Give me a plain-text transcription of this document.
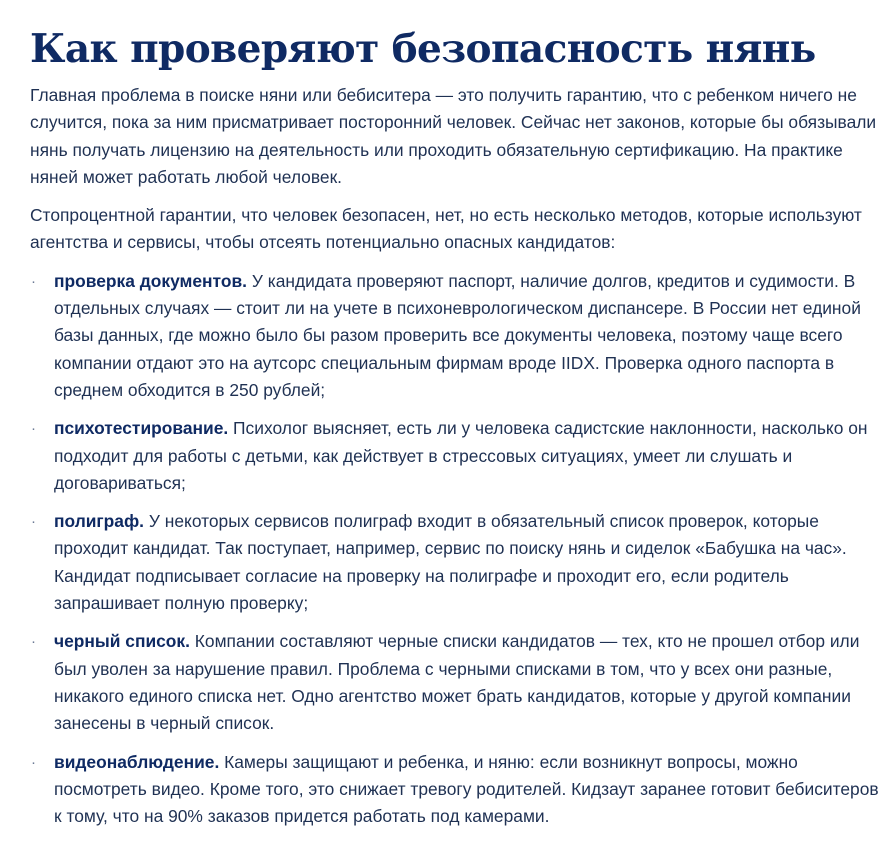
Как проверяют безопасность нянь

Главная проблема в поиске няни или бебиситера — это получить гарантию, что с ребенком ничего не случится, пока за ним присматривает посторонний человек. Сейчас нет законов, которые бы обязывали нянь получать лицензию на деятельность или проходить обязательную сертификацию. На практике няней может работать любой человек.

Стопроцентной гарантии, что человек безопасен, нет, но есть несколько методов, которые используют агентства и сервисы, чтобы отсеять потенциально опасных кандидатов:

· проверка документов. У кандидата проверяют паспорт, наличие долгов, кредитов и судимости. В отдельных случаях — стоит ли на учете в психоневрологическом диспансере. В России нет единой базы данных, где можно было бы разом проверить все документы человека, поэтому чаще всего компании отдают это на аутсорс специальным фирмам вроде IIDX. Проверка одного паспорта в среднем обходится в 250 рублей;
· психотестирование. Психолог выясняет, есть ли у человека садистские наклонности, насколько он подходит для работы с детьми, как действует в стрессовых ситуациях, умеет ли слушать и договариваться;
· полиграф. У некоторых сервисов полиграф входит в обязательный список проверок, которые проходит кандидат. Так поступает, например, сервис по поиску нянь и сиделок «Бабушка на час». Кандидат подписывает согласие на проверку на полиграфе и проходит его, если родитель запрашивает полную проверку;
· черный список. Компании составляют черные списки кандидатов — тех, кто не прошел отбор или был уволен за нарушение правил. Проблема с черными списками в том, что у всех они разные, никакого единого списка нет. Одно агентство может брать кандидатов, которые у другой компании занесены в черный список.
· видеонаблюдение. Камеры защищают и ребенка, и няню: если возникнут вопросы, можно посмотреть видео. Кроме того, это снижает тревогу родителей. Кидзаут заранее готовит бебиситеров к тому, что на 90% заказов придется работать под камерами.
